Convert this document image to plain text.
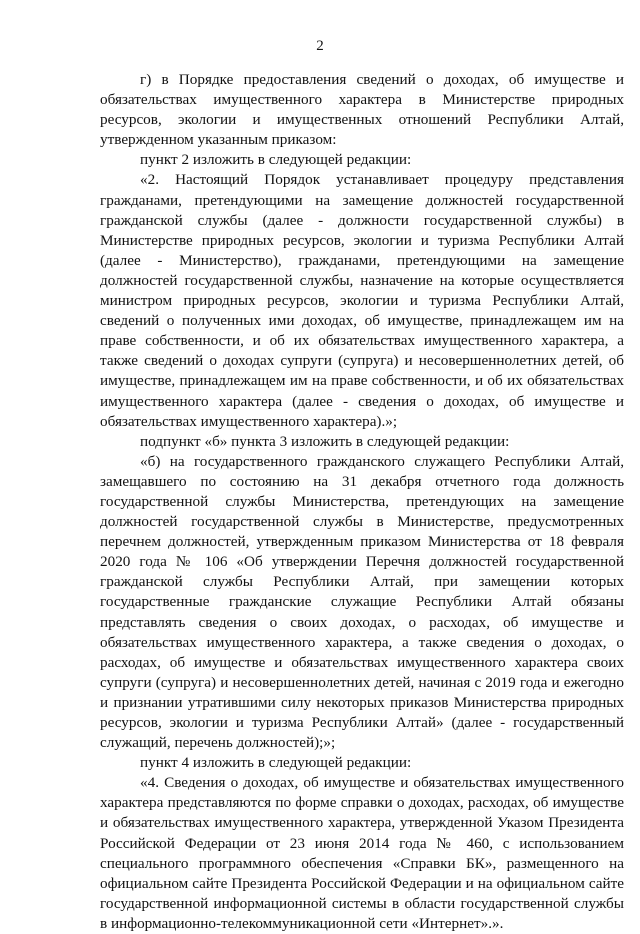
2

г) в Порядке предоставления сведений о доходах, об имуществе и обязательствах имущественного характера в Министерстве природных ресурсов, экологии и имущественных отношений Республики Алтай, утвержденном указанным приказом:

пункт 2 изложить в следующей редакции:

«2. Настоящий Порядок устанавливает процедуру представления гражданами, претендующими на замещение должностей государственной гражданской службы (далее - должности государственной службы) в Министерстве природных ресурсов, экологии и туризма Республики Алтай (далее - Министерство), гражданами, претендующими на замещение должностей государственной службы, назначение на которые осуществляется министром природных ресурсов, экологии и туризма Республики Алтай, сведений о полученных ими доходах, об имуществе, принадлежащем им на праве собственности, и об их обязательствах имущественного характера, а также сведений о доходах супруги (супруга) и несовершеннолетних детей, об имуществе, принадлежащем им на праве собственности, и об их обязательствах имущественного характера (далее - сведения о доходах, об имуществе и обязательствах имущественного характера).»;

подпункт «б» пункта 3 изложить в следующей редакции:

«б) на государственного гражданского служащего Республики Алтай, замещавшего по состоянию на 31 декабря отчетного года должность государственной службы Министерства, претендующих на замещение должностей государственной службы в Министерстве, предусмотренных перечнем должностей, утвержденным приказом Министерства от 18 февраля 2020 года № 106 «Об утверждении Перечня должностей государственной гражданской службы Республики Алтай, при замещении которых государственные гражданские служащие Республики Алтай обязаны представлять сведения о своих доходах, о расходах, об имуществе и обязательствах имущественного характера, а также сведения о доходах, о расходах, об имуществе и обязательствах имущественного характера своих супруги (супруга) и несовершеннолетних детей, начиная с 2019 года и ежегодно и признании утратившими силу некоторых приказов Министерства природных ресурсов, экологии и туризма Республики Алтай» (далее - государственный служащий, перечень должностей);»;

пункт 4 изложить в следующей редакции:

«4. Сведения о доходах, об имуществе и обязательствах имущественного характера представляются по форме справки о доходах, расходах, об имуществе и обязательствах имущественного характера, утвержденной Указом Президента Российской Федерации от 23 июня 2014 года № 460, с использованием специального программного обеспечения «Справки БК», размещенного на официальном сайте Президента Российской Федерации и на официальном сайте государственной информационной системы в области государственной службы в информационно-телекоммуникационной сети «Интернет».».
